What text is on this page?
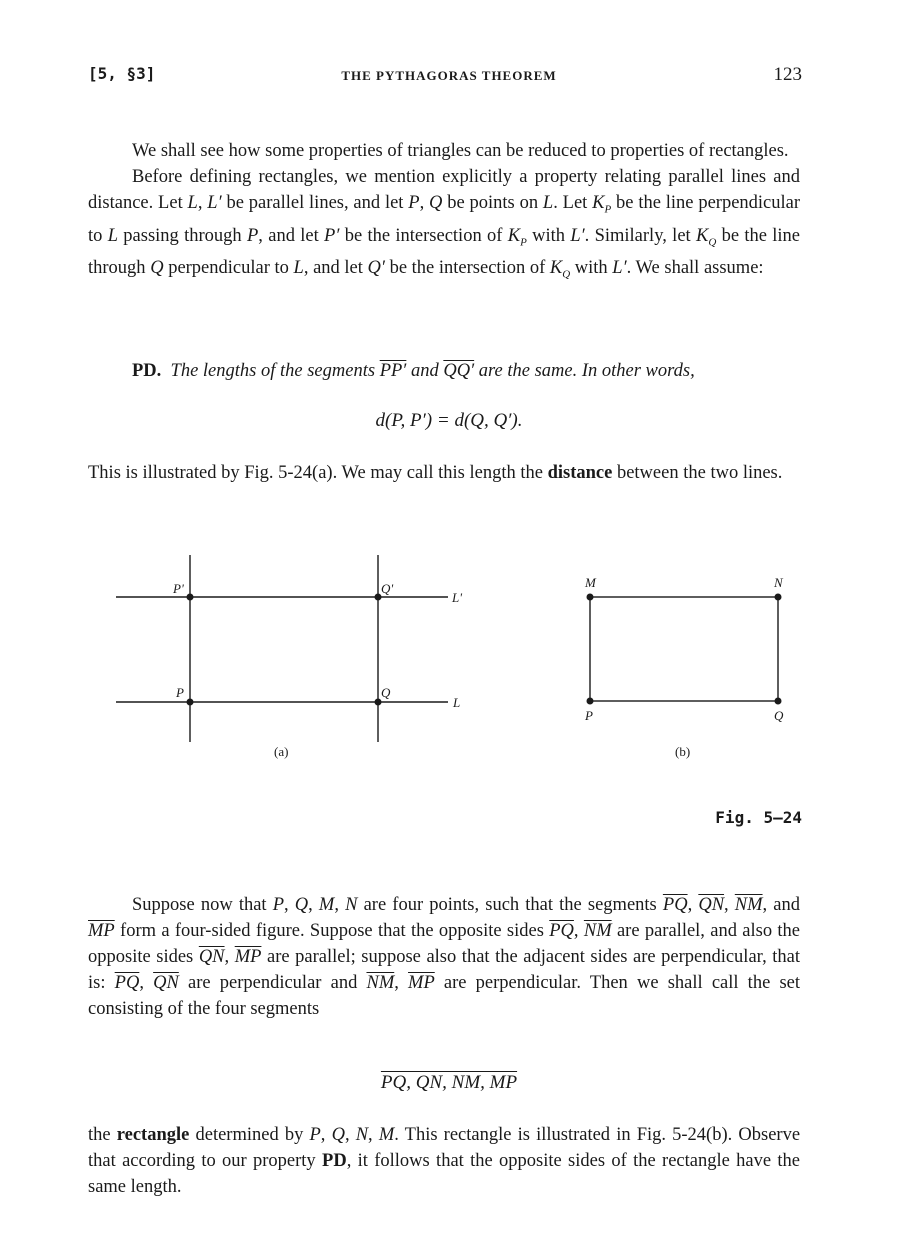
[5, §3]	THE PYTHAGORAS THEOREM	123

We shall see how some properties of triangles can be reduced to properties of rectangles.

Before defining rectangles, we mention explicitly a property relating parallel lines and distance. Let L, L′ be parallel lines, and let P, Q be points on L. Let $K_P$ be the line perpendicular to L passing through P, and let P′ be the intersection of $K_P$ with L′. Similarly, let $K_Q$ be the line through Q perpendicular to L, and let Q′ be the intersection of $K_Q$ with L′. We shall assume:

PD. The lengths of the segments PP′ and QQ′ are the same. In other words,

d(P, P′) = d(Q, Q′).

This is illustrated by Fig. 5-24(a). We may call this length the distance between the two lines.

P'	Q'
L'
P	Q
L
(a)
M	N
P	Q
(b)
Fig. 5–24

Suppose now that P, Q, M, N are four points, such that the segments $\overline{PQ}$, $\overline{QN}$, $\overline{NM}$, and $\overline{MP}$ form a four-sided figure. Suppose that the opposite sides $\overline{PQ}$, $\overline{NM}$ are parallel, and also the opposite sides $\overline{QN}$, $\overline{MP}$ are parallel; suppose also that the adjacent sides are perpendicular, that is: $\overline{PQ}$, $\overline{QN}$ are perpendicular and $\overline{NM}$, $\overline{MP}$ are perpendicular. Then we shall call the set consisting of the four segments

PQ, QN, NM, MP

the rectangle determined by P, Q, N, M. This rectangle is illustrated in Fig. 5-24(b). Observe that according to our property PD, it follows that the opposite sides of the rectangle have the same length.
